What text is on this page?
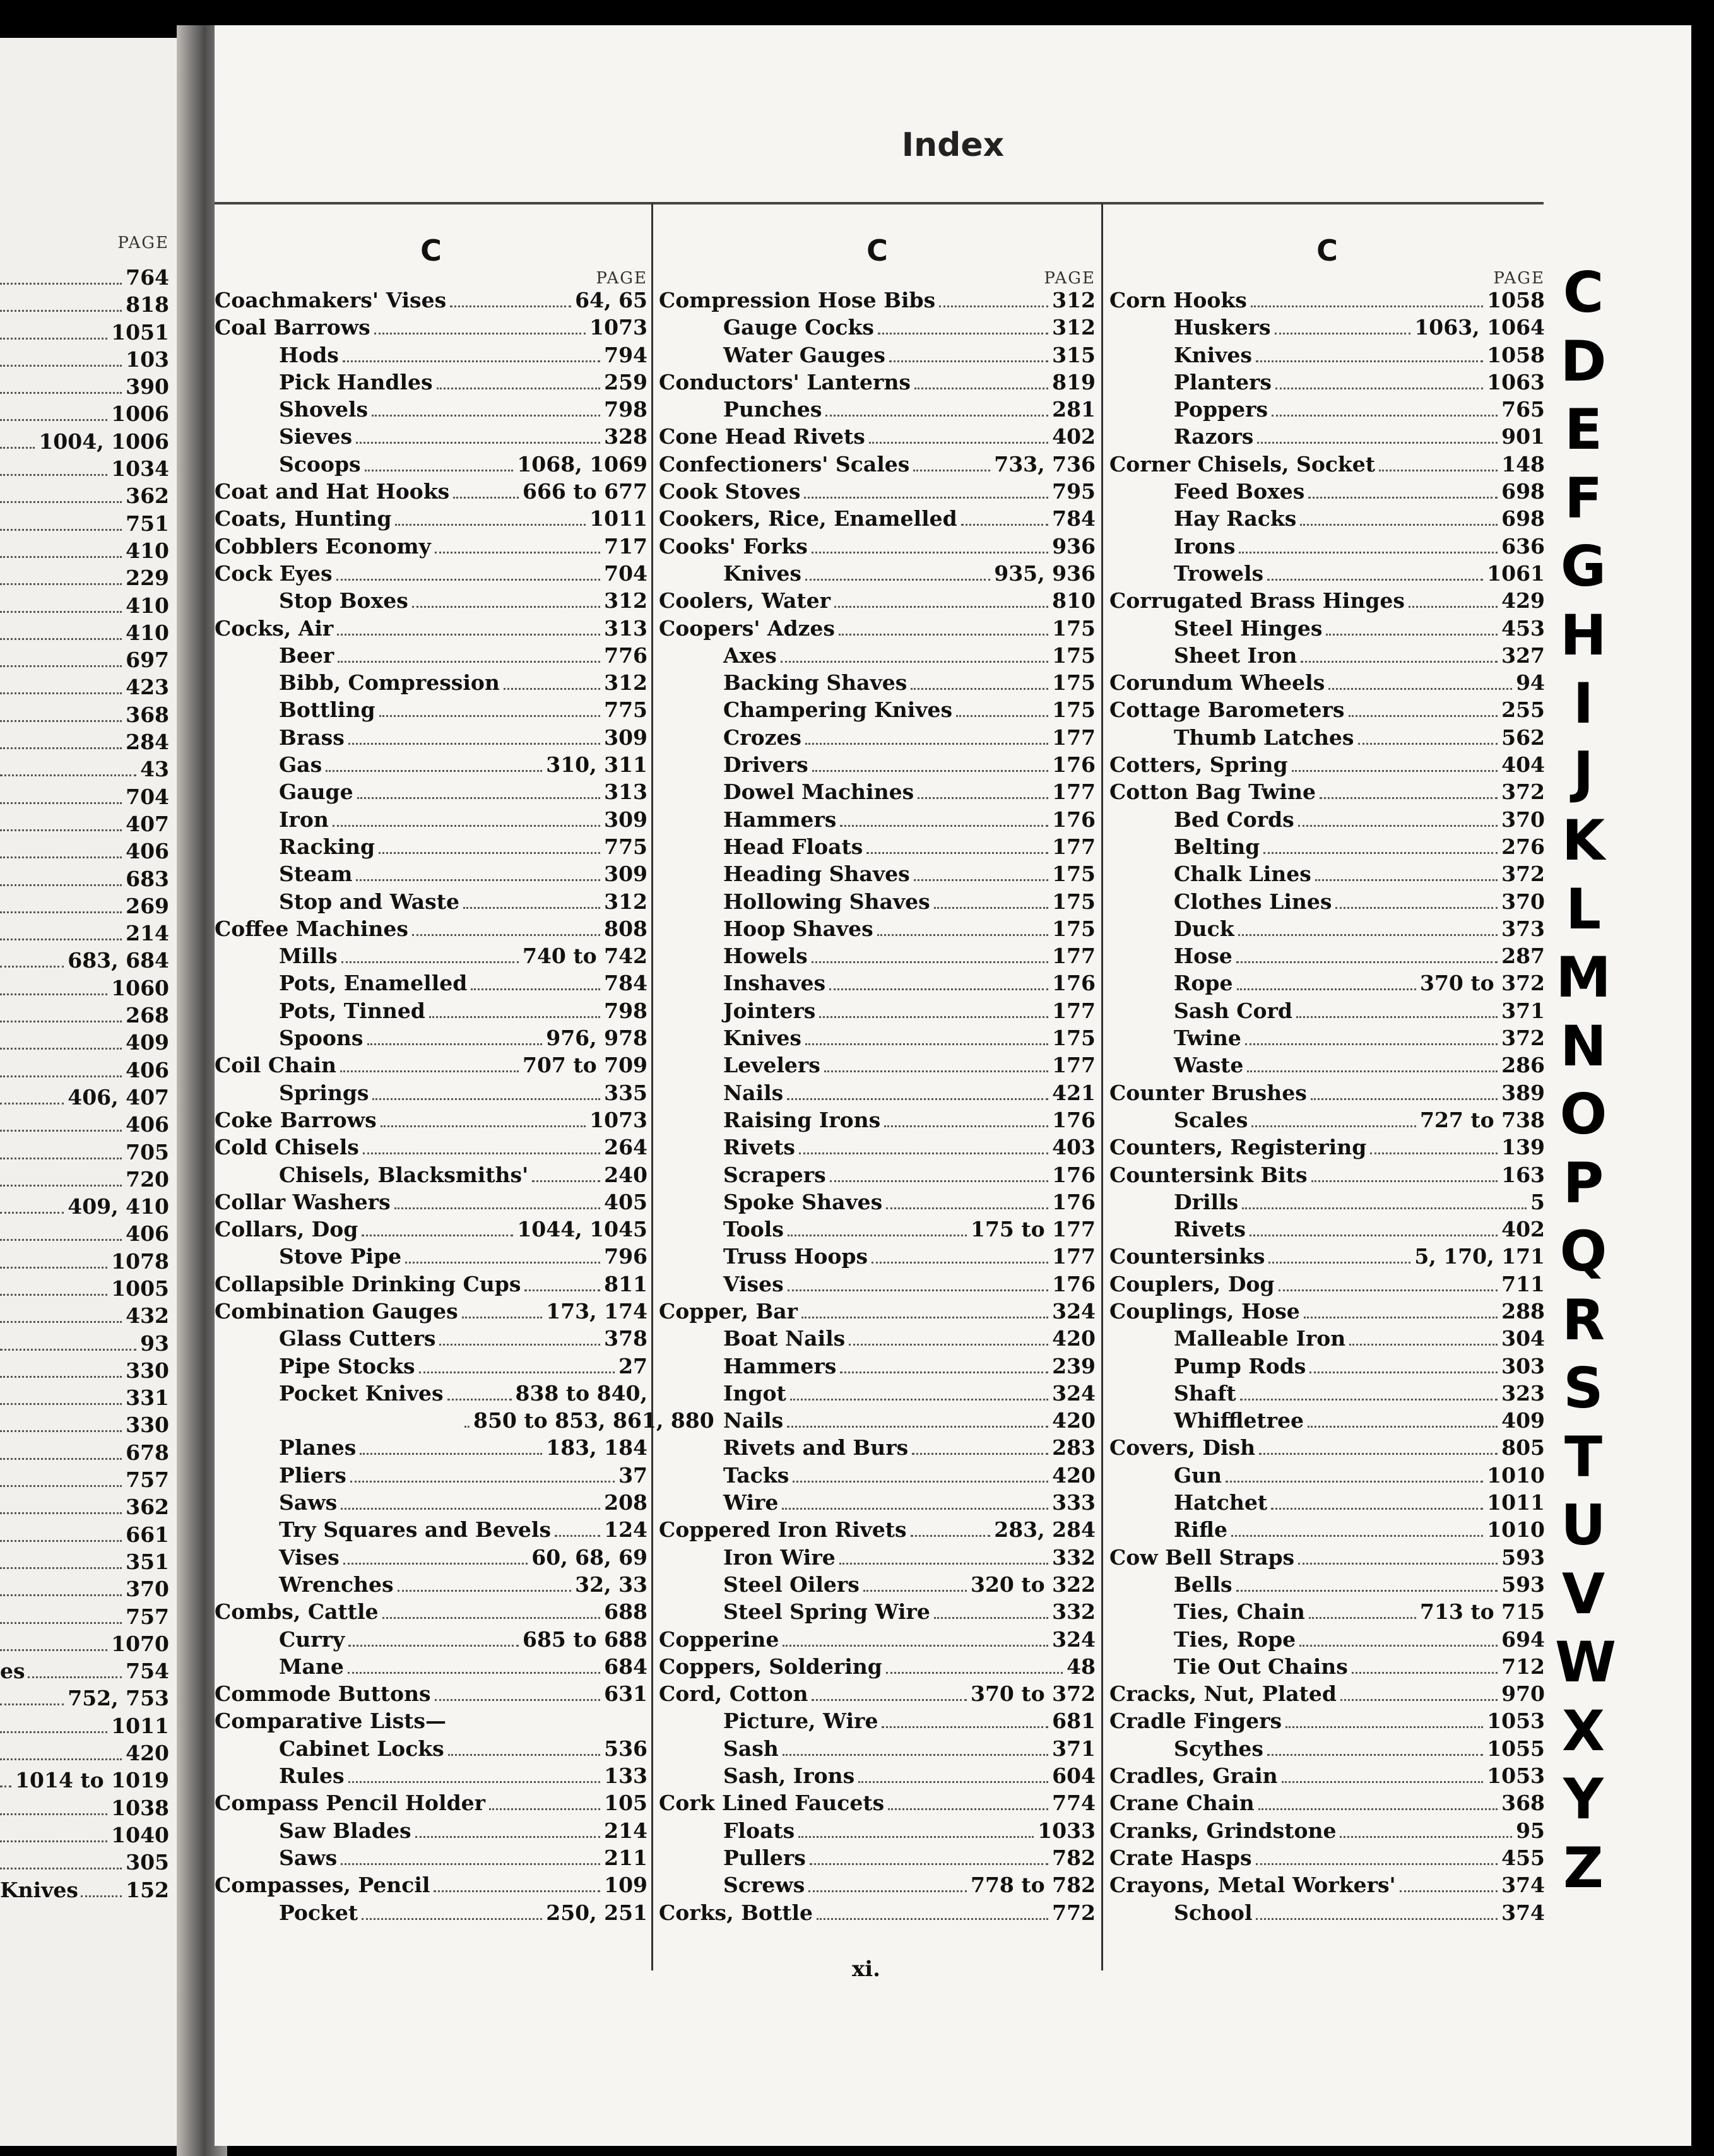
PAGE
764
818
1051
103
390
1006
1004, 1006
1034
362
751
410
229
410
410
697
423
368
284
43
704
407
406
683
269
214
683, 684
1060
268
409
406
406, 407
406
705
720
409, 410
406
1078
1005
432
93
330
331
330
678
757
362
661
351
370
757
1070
es	754
752, 753
1011
420
1014 to 1019
1038
1040
305
Knives 152
Index
C
PAGE
Coachmakers' Vises	64, 65
Coal Barrows	1073
Hods	794
Pick Handles	259
Shovels	798
Sieves	328
Scoops	1068, 1069
Coat and Hat Hooks	666 to 677
Coats, Hunting	1011
Cobblers Economy	717
Cock Eyes	704
Stop Boxes	312
Cocks, Air	313
Beer	776
Bibb, Compression	312
Bottling	775
Brass	309
Gas	310, 311
Gauge	313
Iron	309
Racking	775
Steam	309
Stop and Waste	312
Coffee Machines	808
Mills	740 to 742
Pots, Enamelled	784
Pots, Tinned	798
Spoons	976, 978
Coil Chain	707 to 709
Springs	335
Coke Barrows	1073
Cold Chisels	264
Chisels, Blacksmiths'	240
Collar Washers	405
Collars, Dog	1044, 1045
Stove Pipe	796
Collapsible Drinking Cups	811
Combination Gauges	173, 174
Glass Cutters	378
Pipe Stocks	27
Pocket Knives	838 to 840,
850 to 853, 861, 880
Planes	183, 184
Pliers	37
Saws	208
Try Squares and Bevels	124
Vises	60, 68, 69
Wrenches	32, 33
Combs, Cattle	688
Curry	685 to 688
Mane	684
Commode Buttons	631
Comparative Lists—
Cabinet Locks	536
Rules	133
Compass Pencil Holder	105
Saw Blades	214
Saws	211
Compasses, Pencil	109
Pocket	250, 251
C
PAGE
Compression Hose Bibs	312
Gauge Cocks	312
Water Gauges	315
Conductors' Lanterns	819
Punches	281
Cone Head Rivets	402
Confectioners' Scales	733, 736
Cook Stoves	795
Cookers, Rice, Enamelled	784
Cooks' Forks	936
Knives	935, 936
Coolers, Water	810
Coopers' Adzes	175
Axes	175
Backing Shaves	175
Champering Knives	175
Crozes	177
Drivers	176
Dowel Machines	177
Hammers	176
Head Floats	177
Heading Shaves	175
Hollowing Shaves	175
Hoop Shaves	175
Howels	177
Inshaves	176
Jointers	177
Knives	175
Levelers	177
Nails	421
Raising Irons	176
Rivets	403
Scrapers	176
Spoke Shaves	176
Tools	175 to 177
Truss Hoops	177
Vises	176
Copper, Bar	324
Boat Nails	420
Hammers	239
Ingot	324
Nails	420
Rivets and Burs	283
Tacks	420
Wire	333
Coppered Iron Rivets	283, 284
Iron Wire	332
Steel Oilers	320 to 322
Steel Spring Wire	332
Copperine	324
Coppers, Soldering	48
Cord, Cotton	370 to 372
Picture, Wire	681
Sash	371
Sash, Irons	604
Cork Lined Faucets	774
Floats	1033
Pullers	782
Screws	778 to 782
Corks, Bottle	772
C
PAGE
Corn Hooks	1058
Huskers	1063, 1064
Knives	1058
Planters	1063
Poppers	765
Razors	901
Corner Chisels, Socket	148
Feed Boxes	698
Hay Racks	698
Irons	636
Trowels	1061
Corrugated Brass Hinges	429
Steel Hinges	453
Sheet Iron	327
Corundum Wheels	94
Cottage Barometers	255
Thumb Latches	562
Cotters, Spring	404
Cotton Bag Twine	372
Bed Cords	370
Belting	276
Chalk Lines	372
Clothes Lines	370
Duck	373
Hose	287
Rope	370 to 372
Sash Cord	371
Twine	372
Waste	286
Counter Brushes	389
Scales	727 to 738
Counters, Registering	139
Countersink Bits	163
Drills	5
Rivets	402
Countersinks	5, 170, 171
Couplers, Dog	711
Couplings, Hose	288
Malleable Iron	304
Pump Rods	303
Shaft	323
Whiffletree	409
Covers, Dish	805
Gun	1010
Hatchet	1011
Rifle	1010
Cow Bell Straps	593
Bells	593
Ties, Chain	713 to 715
Ties, Rope	694
Tie Out Chains	712
Cracks, Nut, Plated	970
Cradle Fingers	1053
Scythes	1055
Cradles, Grain	1053
Crane Chain	368
Cranks, Grindstone	95
Crate Hasps	455
Crayons, Metal Workers'	374
School	374
xi.
C
D
E
F
G
H
I
J
K
L
M
N
O
P
Q
R
S
T
U
V
W
X
Y
Z
